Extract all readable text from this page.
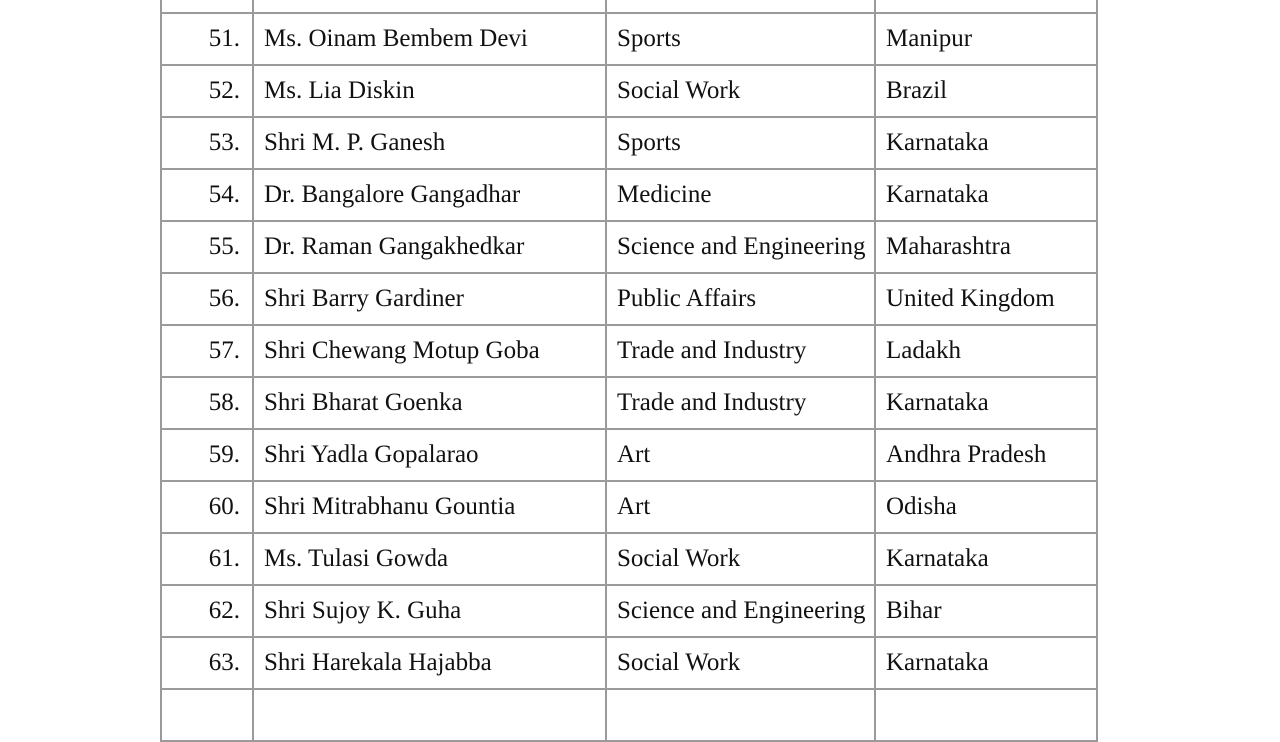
51.	Ms. Oinam Bembem Devi	Sports	Manipur

52.	Ms. Lia Diskin	Social Work	Brazil

53.	Shri M. P. Ganesh	Sports	Karnataka

54.	Dr. Bangalore Gangadhar	Medicine	Karnataka

55.	Dr. Raman Gangakhedkar	Science and Engineering	Maharashtra

56.	Shri Barry Gardiner	Public Affairs	United Kingdom

57.	Shri Chewang Motup Goba	Trade and Industry	Ladakh

58.	Shri Bharat Goenka	Trade and Industry	Karnataka

59.	Shri Yadla Gopalarao	Art	Andhra Pradesh

60.	Shri Mitrabhanu Gountia	Art	Odisha

61.	Ms. Tulasi Gowda	Social Work	Karnataka

62.	Shri Sujoy K. Guha	Science and Engineering	Bihar

63.	Shri Harekala Hajabba	Social Work	Karnataka
